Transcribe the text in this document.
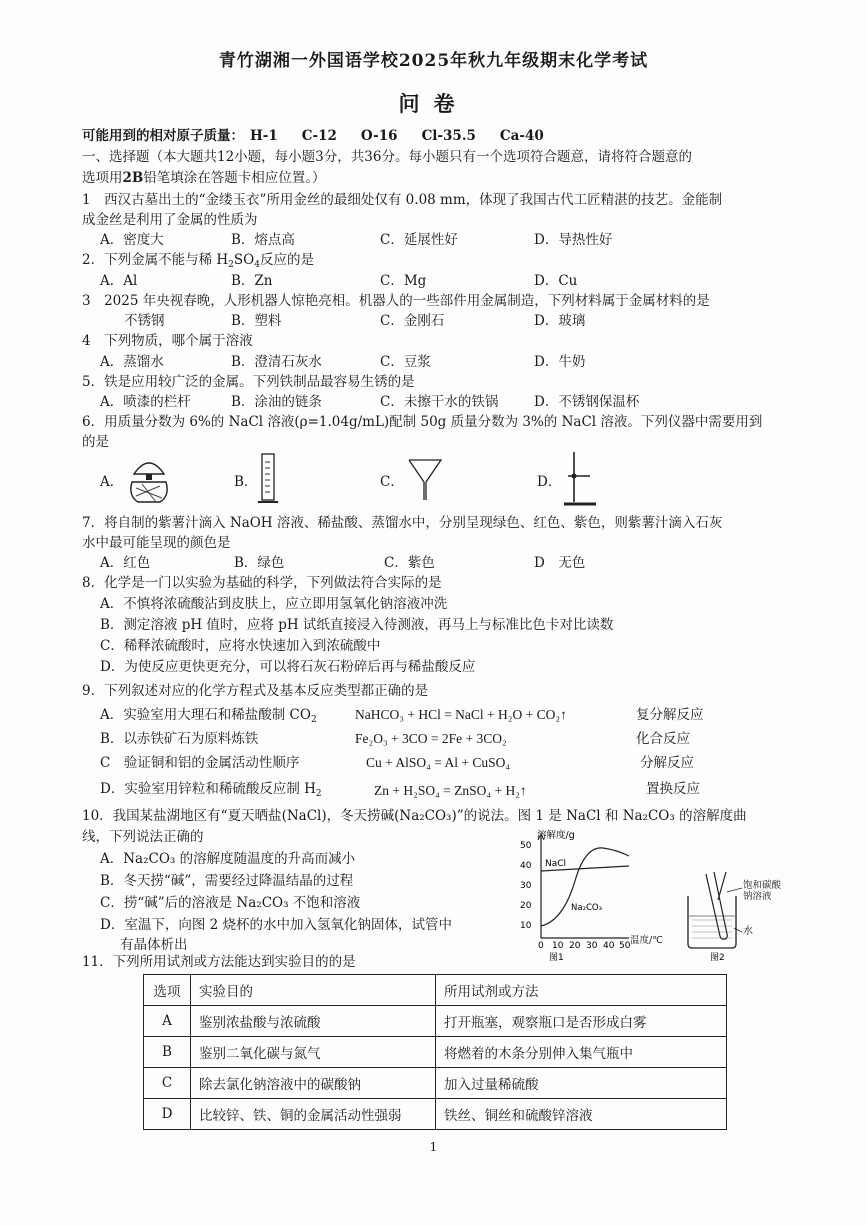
青竹湖湘一外国语学校2025年秋九年级期末化学考试
问卷
可能用到的相对原子质量： H-1 C-12 O-16 Cl-35.5 Ca-40
一、选择题（本大题共12小题，每小题3分，共36分。每小题只有一个选项符合题意，请将符合题意的
选项用2B铅笔填涂在答题卡相应位置。）
1　西汉古墓出土的“金缕玉衣”所用金丝的最细处仅有 0.08 mm，体现了我国古代工匠精湛的技艺。金能制
成金丝是利用了金属的性质为
A．密度大	B．熔点高	C．延展性好	D．导热性好
2．下列金属不能与稀 $H_2SO_4$反应的是
A．Al	B．Zn	C．Mg	D．Cu
3　2025 年央视春晚，人形机器人惊艳亮相。机器人的一些部件用金属制造，下列材料属于金属材料的是
不锈钢	B．塑料	C．金刚石	D．玻璃
4　下列物质，哪个属于溶液
A．蒸馏水	B．澄清石灰水	C．豆浆	D．牛奶
5．铁是应用较广泛的金属。下列铁制品最容易生锈的是
A．喷漆的栏杆	B．涂油的链条	C．未擦干水的铁锅	D．不锈钢保温杯
6．用质量分数为 6%的 NaCl 溶液(ρ=1.04g/mL)配制 50g 质量分数为 3%的 NaCl 溶液。下列仪器中需要用到
的是
A．	B．	C．	D．
7．将自制的紫薯汁滴入 NaOH 溶液、稀盐酸、蒸馏水中，分别呈现绿色、红色、紫色，则紫薯汁滴入石灰
水中最可能呈现的颜色是
A．红色	B．绿色	C．紫色	D　无色
8．化学是一门以实验为基础的科学，下列做法符合实际的是
A．不慎将浓硫酸沾到皮肤上，应立即用氢氧化钠溶液冲洗
B．测定溶液 pH 值时，应将 pH 试纸直接浸入待测液，再马上与标准比色卡对比读数
C．稀释浓硫酸时，应将水快速加入到浓硫酸中
D．为使反应更快更充分，可以将石灰石粉碎后再与稀盐酸反应
9．下列叙述对应的化学方程式及基本反应类型都正确的是
A．实验室用大理石和稀盐酸制 $CO_2$	NaHCO₃ + HCl = NaCl + H₂O + CO₂↑	复分解反应
B．以赤铁矿石为原料炼铁	Fe₂O₃ + 3CO = 2Fe + 3CO₂	化合反应
C　验证铜和铝的金属活动性顺序	Cu + AlSO₄ = Al + CuSO₄	分解反应
D．实验室用锌粒和稀硫酸反应制 $H_2$	Zn + H₂SO₄ = ZnSO₄ + H₂↑	置换反应
10．我国某盐湖地区有“夏天晒盐(NaCl)，冬天捞碱(Na₂CO₃)”的说法。图 1 是 NaCl 和 Na₂CO₃ 的溶解度曲
线，下列说法正确的
A．Na₂CO₃ 的溶解度随温度的升高而减小
B．冬天捞“碱”，需要经过降温结晶的过程
C．捞“碱”后的溶液是 Na₂CO₃ 不饱和溶液
D．室温下，向图 2 烧杯的水中加入氢氧化钠固体，试管中
有晶体析出
溶解度/g
50
40
30
20
10
0 10 20 30 40 50
NaCl
Na₂CO₃
图1
温度/℃
图2
饱和碳酸
钠溶液
水
11．下列所用试剂或方法能达到实验目的的是
选项	实验目的	所用试剂或方法
A	鉴别浓盐酸与浓硫酸	打开瓶塞，观察瓶口是否形成白雾
B	鉴别二氧化碳与氮气	将燃着的木条分别伸入集气瓶中
C	除去氯化钠溶液中的碳酸钠	加入过量稀硫酸
D	比较锌、铁、铜的金属活动性强弱	铁丝、铜丝和硫酸锌溶液
1
